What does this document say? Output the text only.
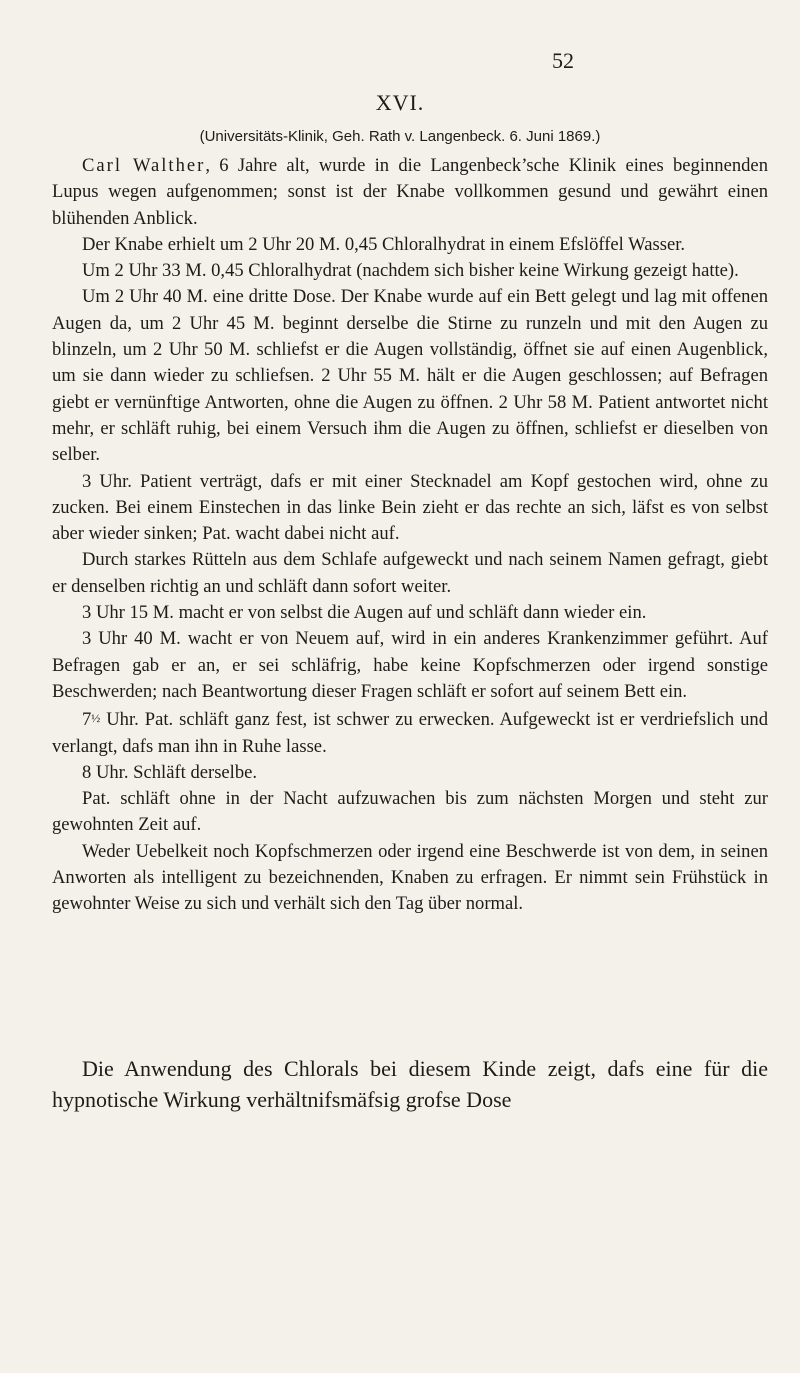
52
XVI.
(Universitäts-Klinik, Geh. Rath v. Langenbeck. 6. Juni 1869.)

Carl Walther, 6 Jahre alt, wurde in die Langenbeck’sche Klinik eines beginnenden Lupus wegen aufgenommen; sonst ist der Knabe vollkommen gesund und gewährt einen blühenden Anblick.

Der Knabe erhielt um 2 Uhr 20 M. 0,45 Chloralhydrat in einem Efslöffel Wasser.

Um 2 Uhr 33 M. 0,45 Chloralhydrat (nachdem sich bisher keine Wirkung gezeigt hatte).

Um 2 Uhr 40 M. eine dritte Dose. Der Knabe wurde auf ein Bett gelegt und lag mit offenen Augen da, um 2 Uhr 45 M. beginnt derselbe die Stirne zu runzeln und mit den Augen zu blinzeln, um 2 Uhr 50 M. schliefst er die Augen vollständig, öffnet sie auf einen Augenblick, um sie dann wieder zu schliefsen. 2 Uhr 55 M. hält er die Augen geschlossen; auf Befragen giebt er vernünftige Antworten, ohne die Augen zu öffnen. 2 Uhr 58 M. Patient antwortet nicht mehr, er schläft ruhig, bei einem Versuch ihm die Augen zu öffnen, schliefst er dieselben von selber.

3 Uhr. Patient verträgt, dafs er mit einer Stecknadel am Kopf gestochen wird, ohne zu zucken. Bei einem Einstechen in das linke Bein zieht er das rechte an sich, läfst es von selbst aber wieder sinken; Pat. wacht dabei nicht auf.

Durch starkes Rütteln aus dem Schlafe aufgeweckt und nach seinem Namen gefragt, giebt er denselben richtig an und schläft dann sofort weiter.

3 Uhr 15 M. macht er von selbst die Augen auf und schläft dann wieder ein.

3 Uhr 40 M. wacht er von Neuem auf, wird in ein anderes Krankenzimmer geführt. Auf Befragen gab er an, er sei schläfrig, habe keine Kopfschmerzen oder irgend sonstige Beschwerden; nach Beantwortung dieser Fragen schläft er sofort auf seinem Bett ein.

7½ Uhr. Pat. schläft ganz fest, ist schwer zu erwecken. Aufgeweckt ist er verdriefslich und verlangt, dafs man ihn in Ruhe lasse.

8 Uhr. Schläft derselbe.

Pat. schläft ohne in der Nacht aufzuwachen bis zum nächsten Morgen und steht zur gewohnten Zeit auf.

Weder Uebelkeit noch Kopfschmerzen oder irgend eine Beschwerde ist von dem, in seinen Anworten als intelligent zu bezeichnenden, Knaben zu erfragen. Er nimmt sein Frühstück in gewohnter Weise zu sich und verhält sich den Tag über normal.

Die Anwendung des Chlorals bei diesem Kinde zeigt, dafs eine für die hypnotische Wirkung verhältnifsmäfsig grofse Dose
